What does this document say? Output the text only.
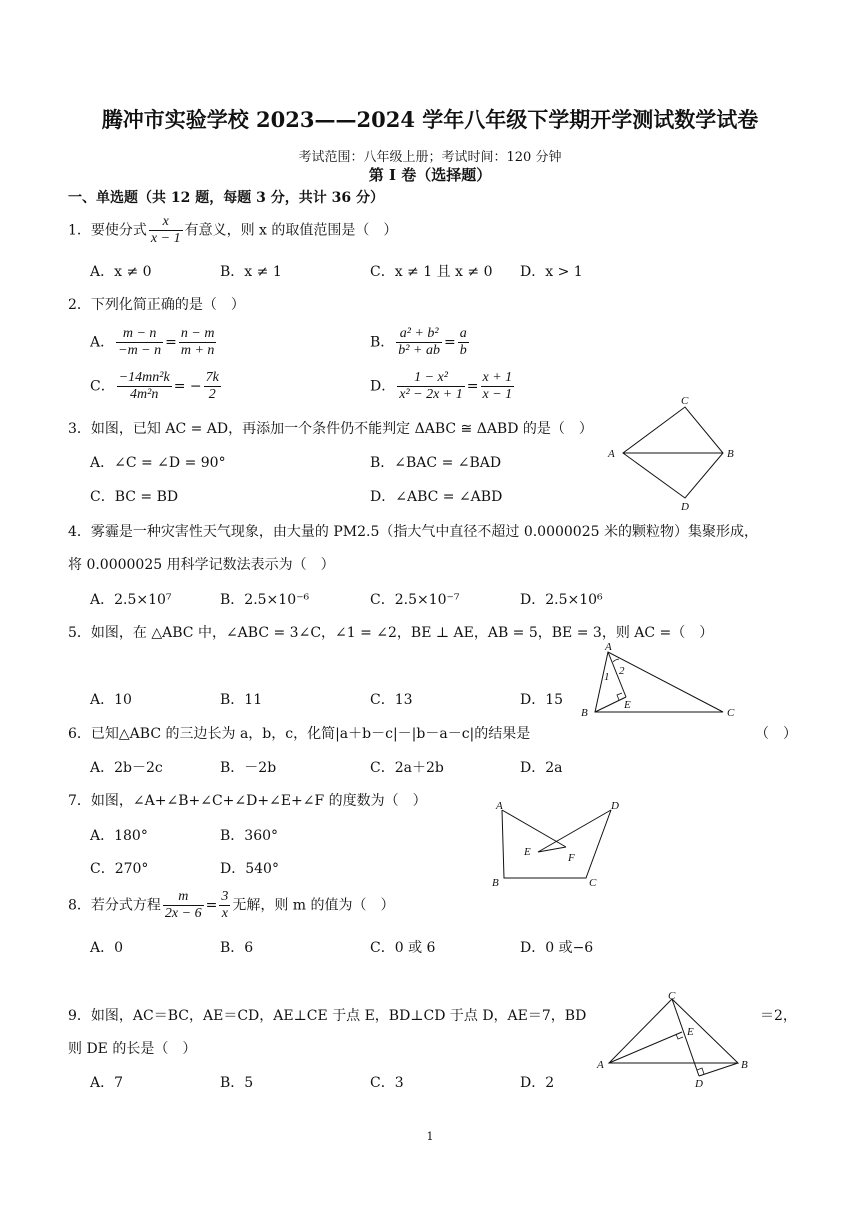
腾冲市实验学校 2023——2024 学年八年级下学期开学测试数学试卷
考试范围：八年级上册；考试时间：120 分钟
第 I 卷（选择题）
一、单选题（共 12 题，每题 3 分，共计 36 分）
1．要使分式 $\frac{x}{x - 1}$ 有意义，则 x 的取值范围是（　）
A．x ≠ 0	B．x ≠ 1	C．x ≠ 1 且 x ≠ 0 D．x > 1
2．下列化简正确的是（　）
A． $\frac{m - n}{-m - n} = \frac{n - m}{m + n}$	B． $\frac{\text{a² + b²}}{\text{b² + ab}} = \frac{a}{b}$
C． $\frac{\text{−14mn²k}}{\text{4m²n}}$ = − $\frac{7k}{2}$	D． $\frac{\text{1 − x²}}{\text{x² − 2x + 1}} = \frac{x + 1}{x - 1}$
3．如图，已知 AC = AD，再添加一个条件仍不能判定 ΔABC ≅ ΔABD 的是（　）
A．∠C = ∠D = 90°	B．∠BAC = ∠BAD
C．BC = BD	D．∠ABC = ∠ABD
C
A	B
D
4．雾霾是一种灾害性天气现象，由大量的 PM2.5（指大气中直径不超过 0.0000025 米的颗粒物）集聚形成，
将 0.0000025 用科学记数法表示为（　）
A．2.5×10⁷	B．2.5×10⁻⁶	C．2.5×10⁻⁷	D．2.5×10⁶
5．如图，在 △ABC 中，∠ABC = 3∠C，∠1 = ∠2，BE ⊥ AE，AB = 5，BE = 3，则 AC =（　）
A．10	B．11	C．13	D．15
A
B	C
E
1 2
6．已知△ABC 的三边长为 a，b，c，化简|a＋b－c|－|b－a－c|的结果是	（　）
A．2b－2c	B．－2b	C．2a＋2b	D．2a
7．如图，∠A+∠B+∠C+∠D+∠E+∠F 的度数为（　）
A．180°	B．360°
C．270°	D．540°
A
B	C
D
E	F
8．若分式方程 $\frac{m}{2x - 6} = \frac{3}{x}$ 无解，则 m 的值为（　）
A．0	B．6	C．0 或 6	D．0 或−6
9．如图，AC＝BC，AE＝CD，AE⊥CE 于点 E，BD⊥CD 于点 D，AE＝7，BD	＝2，
则 DE 的长是（　）
A．7	B．5	C．3	D．2
C
A	B
E
D
1
